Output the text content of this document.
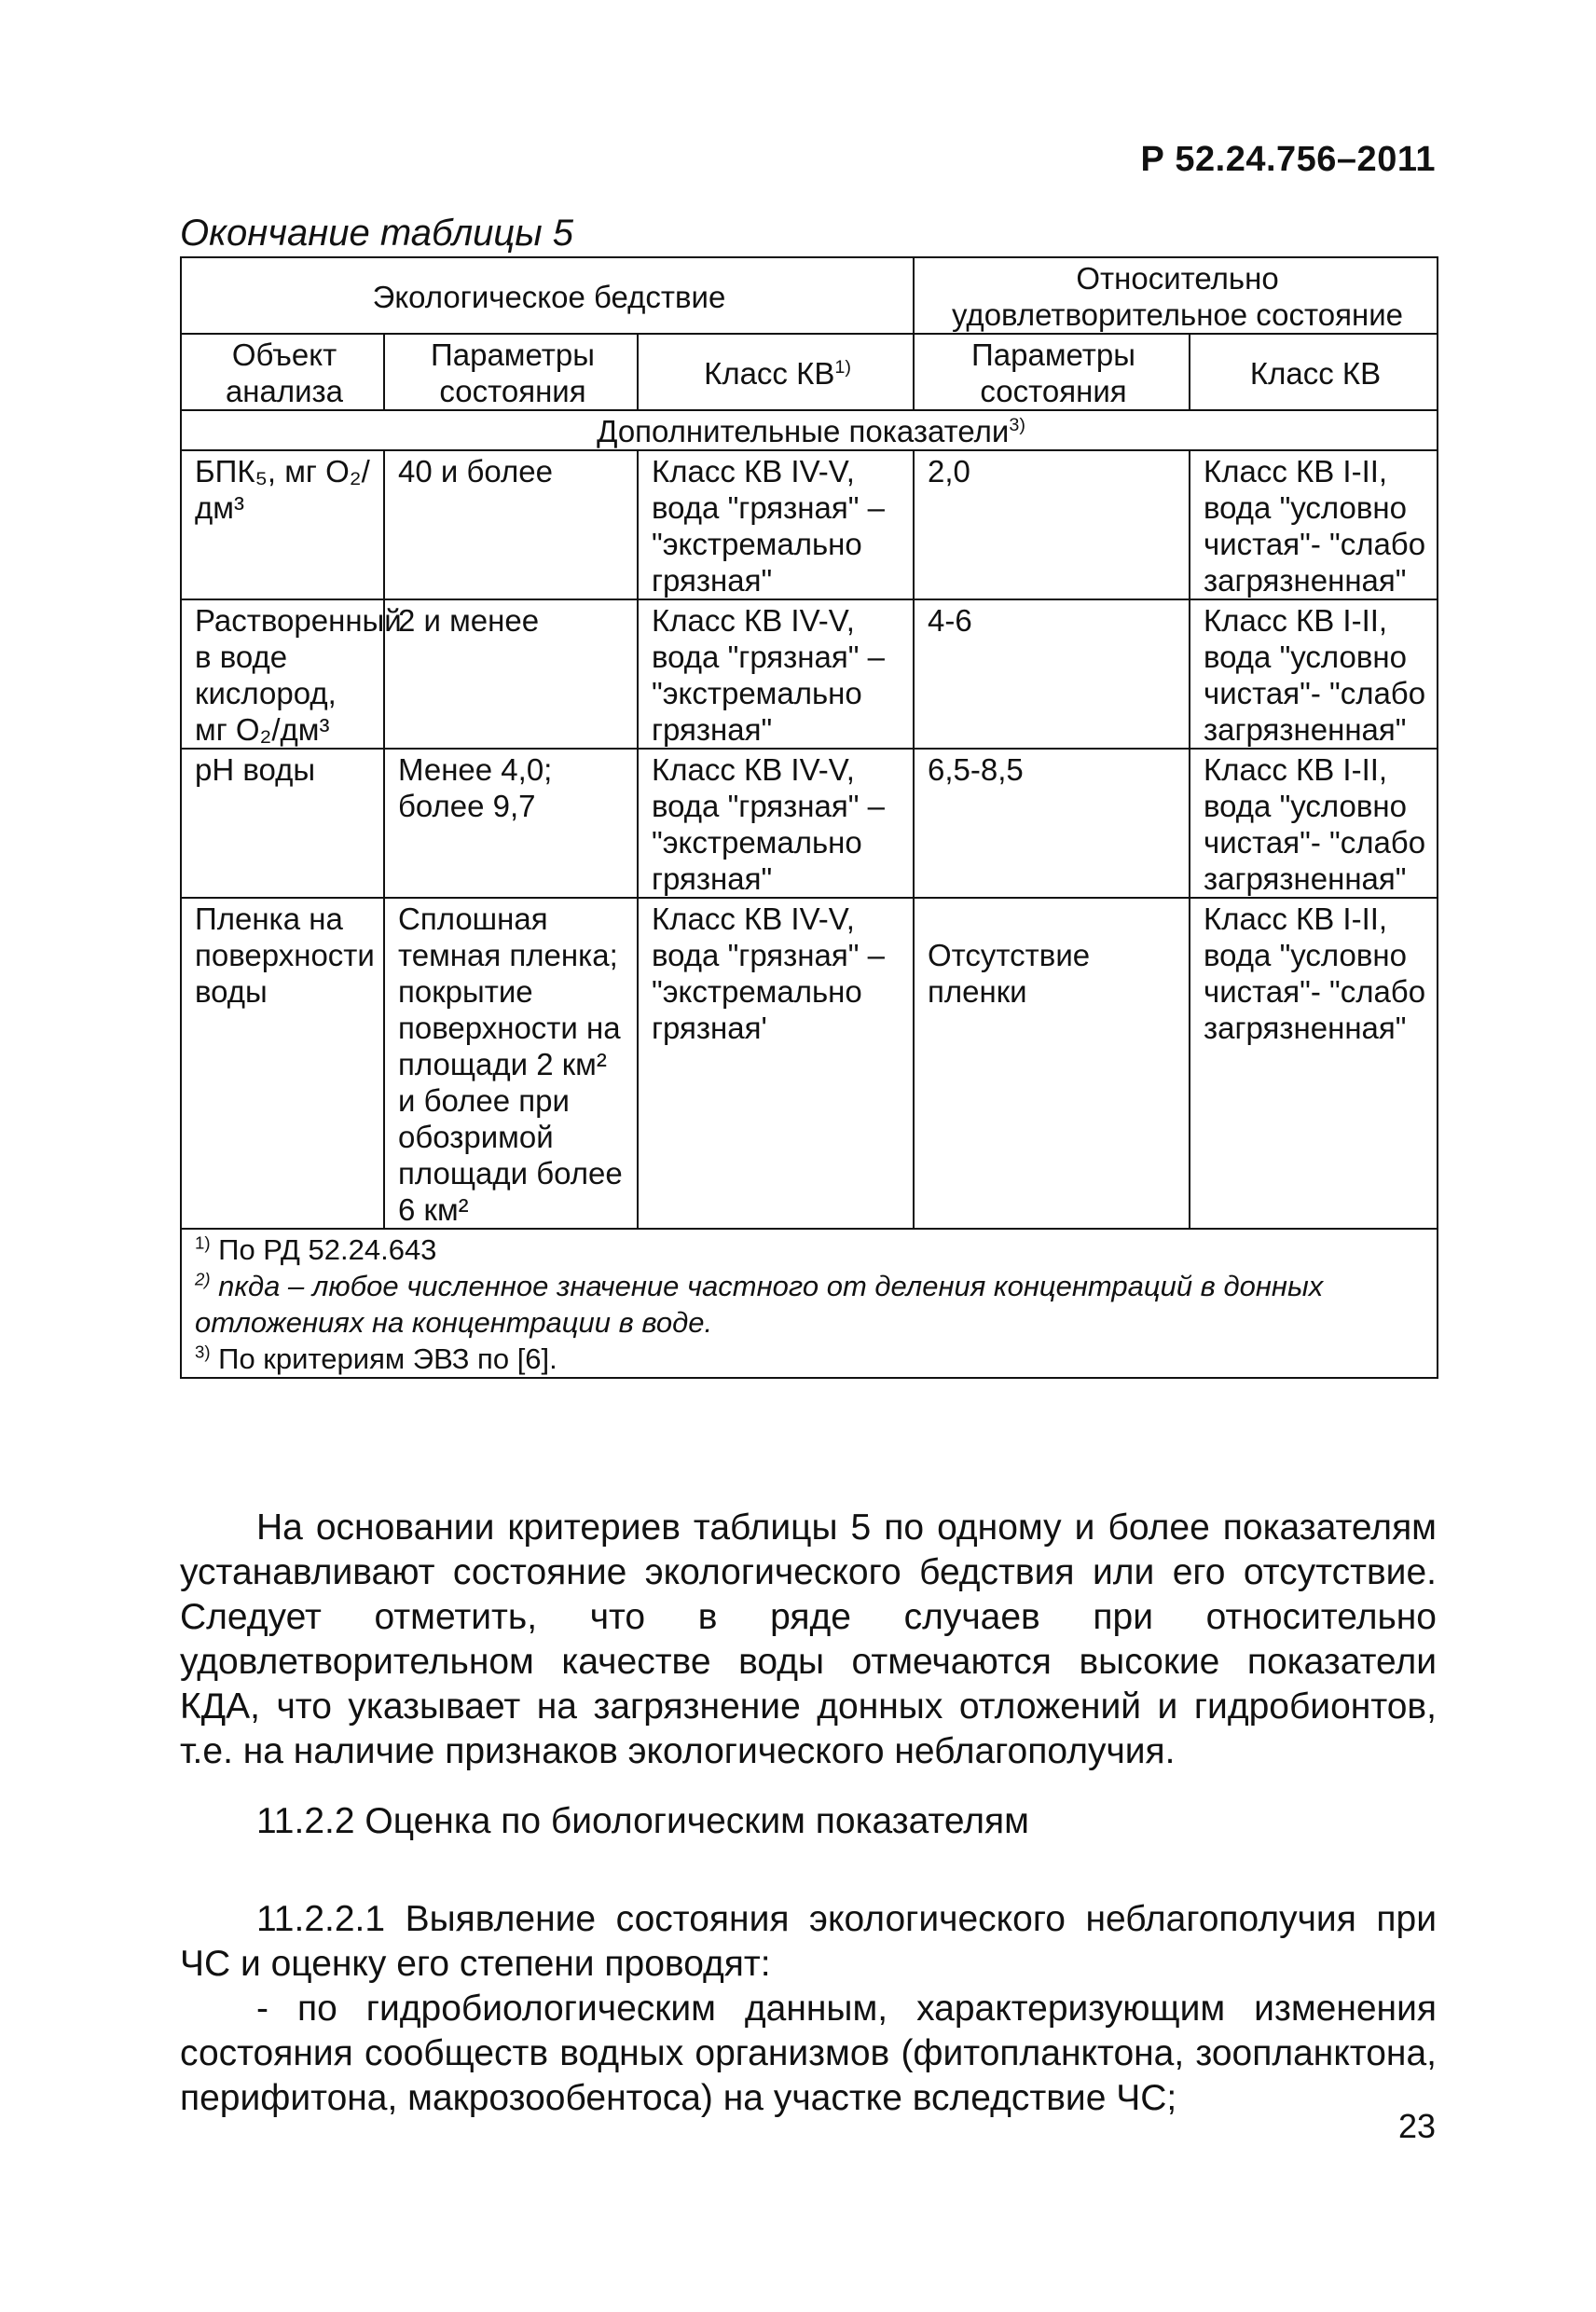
Р 52.24.756–2011
Окончание таблицы 5
Экологическое бедствие			Относительно удовлетворительное состояние	
Объект анализа	Параметры состояния	Класс КВ$^{1)}$	Параметры состояния	Класс КВ
Дополнительные показатели$^{3)}$
БПК₅, мг O₂/дм³	40 и более	Класс КВ IV-V, вода "грязная" – "экстремально грязная"	2,0	Класс КВ I-II, вода "условно чистая"- "слабо загрязненная"
Растворенный в воде кислород, мг O₂/дм³	2 и менее	Класс КВ IV-V, вода "грязная" – "экстремально грязная"	4-6	Класс КВ I-II, вода "условно чистая"- "слабо загрязненная"
pH воды	Менее 4,0; более 9,7	Класс КВ IV-V, вода "грязная" – "экстремально грязная"	6,5-8,5	Класс КВ I-II, вода "условно чистая"- "слабо загрязненная"
Пленка на поверхности воды	Сплошная темная пленка; покрытие поверхности на площади 2 км² и более при обозримой площади более 6 км²	Класс КВ IV-V, вода "грязная" – "экстремально грязная'	Отсутствие пленки	Класс КВ I-II, вода "условно чистая"- "слабо загрязненная"

$^{1)}$ По РД 52.24.643
$^{2)}$ nкда – любое численное значение частного от деления концентраций в донных отложениях на концентрации в воде.
$^{3)}$ По критериям ЭВЗ по [6].				

На основании критериев таблицы 5 по одному и более показателям устанавливают состояние экологического бедствия или его отсутствие. Следует отметить, что в ряде случаев при относительно удовлетворительном качестве воды отмечаются высокие показатели КДА, что указывает на загрязнение донных отложений и гидробионтов, т.е. на наличие признаков экологического неблагополучия.

11.2.2 Оценка по биологическим показателям

11.2.2.1 Выявление состояния экологического неблагополучия при ЧС и оценку его степени проводят:

- по гидробиологическим данным, характеризующим изменения состояния сообществ водных организмов (фитопланктона, зоопланктона, перифитона, макрозообентоса) на участке вследствие ЧС;

23
